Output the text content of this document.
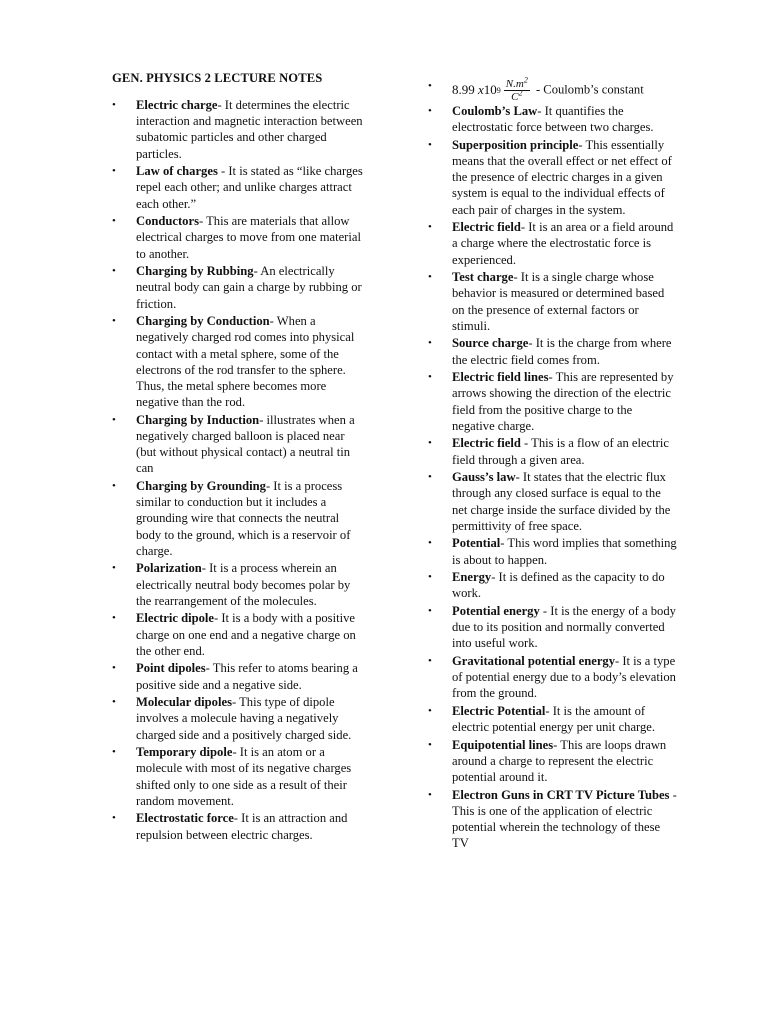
GEN. PHYSICS 2 LECTURE NOTES
• Electric charge- It determines the electric interaction and magnetic interaction between subatomic particles and other charged particles.
• Law of charges - It is stated as “like charges repel each other; and unlike charges attract each other.”
• Conductors- This are materials that allow electrical charges to move from one material to another.
• Charging by Rubbing- An electrically neutral body can gain a charge by rubbing or friction.
• Charging by Conduction- When a negatively charged rod comes into physical contact with a metal sphere, some of the electrons of the rod transfer to the sphere. Thus, the metal sphere becomes more negative than the rod.
• Charging by Induction- illustrates when a negatively charged balloon is placed near (but without physical contact) a neutral tin can
• Charging by Grounding- It is a process similar to conduction but it includes a grounding wire that connects the neutral body to the ground, which is a reservoir of charge.
• Polarization- It is a process wherein an electrically neutral body becomes polar by the rearrangement of the molecules.
• Electric dipole- It is a body with a positive charge on one end and a negative charge on the other end.
• Point dipoles- This refer to atoms bearing a positive side and a negative side.
• Molecular dipoles- This type of dipole involves a molecule having a negatively charged side and a positively charged side.
• Temporary dipole- It is an atom or a molecule with most of its negative charges shifted only to one side as a result of their random movement.
• Electrostatic force- It is an attraction and repulsion between electric charges.
• 8.99
x 10 $9 \frac{N.m^2}{C^2}$ - Coulomb’s constant
• Coulomb’s Law- It quantifies the electrostatic force between two charges.
• Superposition principle- This essentially means that the overall effect or net effect of the presence of electric charges in a given system is equal to the individual effects of each pair of charges in the system.
• Electric field- It is an area or a field around a charge where the electrostatic force is experienced.
• Test charge- It is a single charge whose behavior is measured or determined based on the presence of external factors or stimuli.
• Source charge- It is the charge from where the electric field comes from.
• Electric field lines- This are represented by arrows showing the direction of the electric field from the positive charge to the negative charge.
• Electric field - This is a flow of an electric field through a given area.
• Gauss’s law- It states that the electric flux through any closed surface is equal to the net charge inside the surface divided by the permittivity of free space.
• Potential- This word implies that something is about to happen.
• Energy- It is defined as the capacity to do work.
• Potential energy - It is the energy of a body due to its position and normally converted into useful work.
• Gravitational potential energy- It is a type of potential energy due to a body’s elevation from the ground.
• Electric Potential- It is the amount of electric potential energy per unit charge.
• Equipotential lines- This are loops drawn around a charge to represent the electric potential around it.
• Electron Guns in CRT TV Picture Tubes - This is one of the application of electric potential wherein the technology of these TV
